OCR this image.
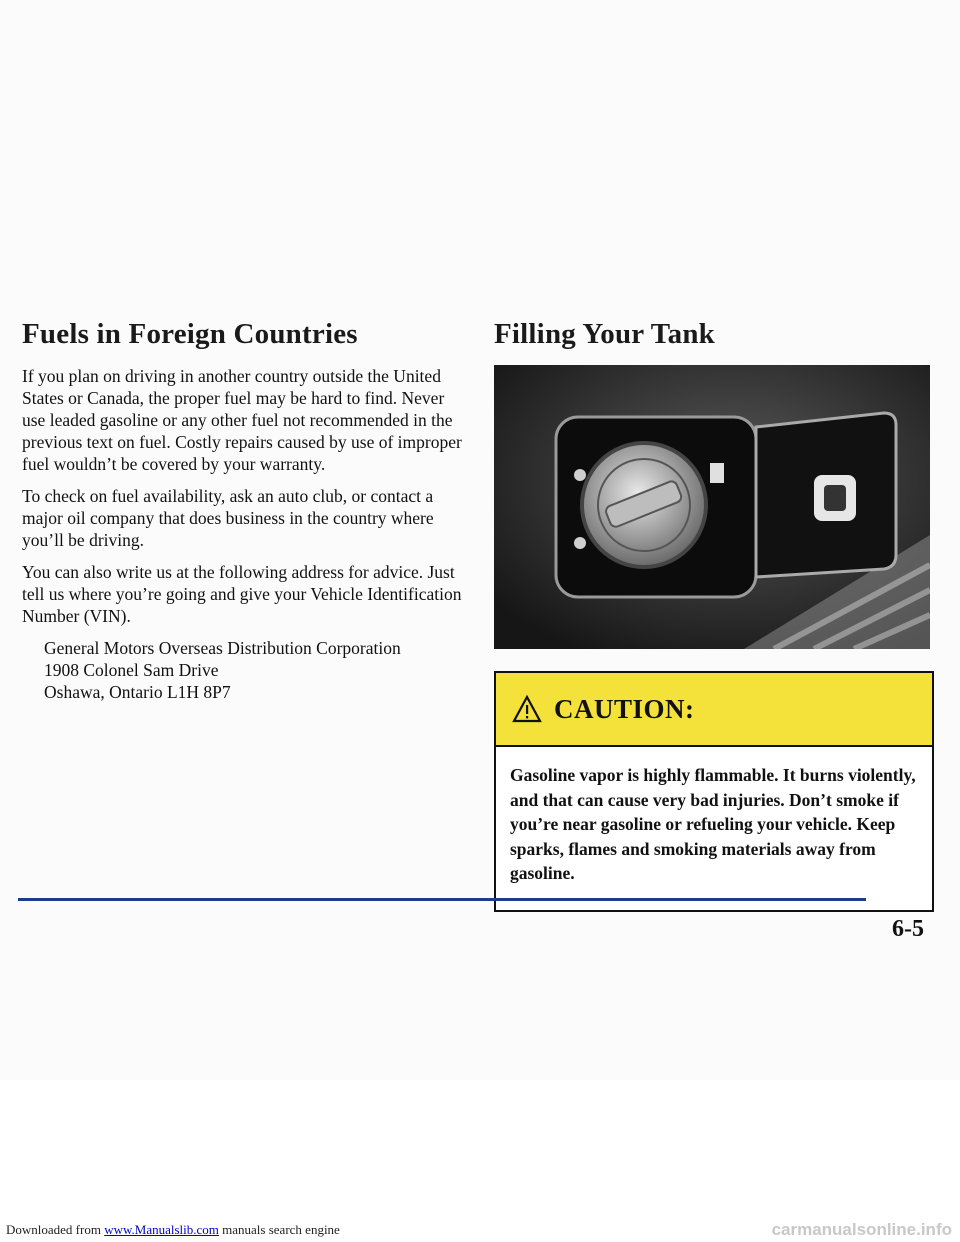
Fuels in Foreign Countries

If you plan on driving in another country outside the United States or Canada, the proper fuel may be hard to find. Never use leaded gasoline or any other fuel not recommended in the previous text on fuel. Costly repairs caused by use of improper fuel wouldn’t be covered by your warranty.

To check on fuel availability, ask an auto club, or contact a major oil company that does business in the country where you’ll be driving.

You can also write us at the following address for advice. Just tell us where you’re going and give your Vehicle Identification Number (VIN).

General Motors Overseas Distribution Corporation
1908 Colonel Sam Drive
Oshawa, Ontario L1H 8P7
Filling Your Tank
CAUTION:
Gasoline vapor is highly flammable. It burns violently, and that can cause very bad injuries. Don’t smoke if you’re near gasoline or refueling your vehicle. Keep sparks, flames and smoking materials away from gasoline.
6-5
Downloaded from www.Manualslib.com manuals search engine	carmanualsonline.info
